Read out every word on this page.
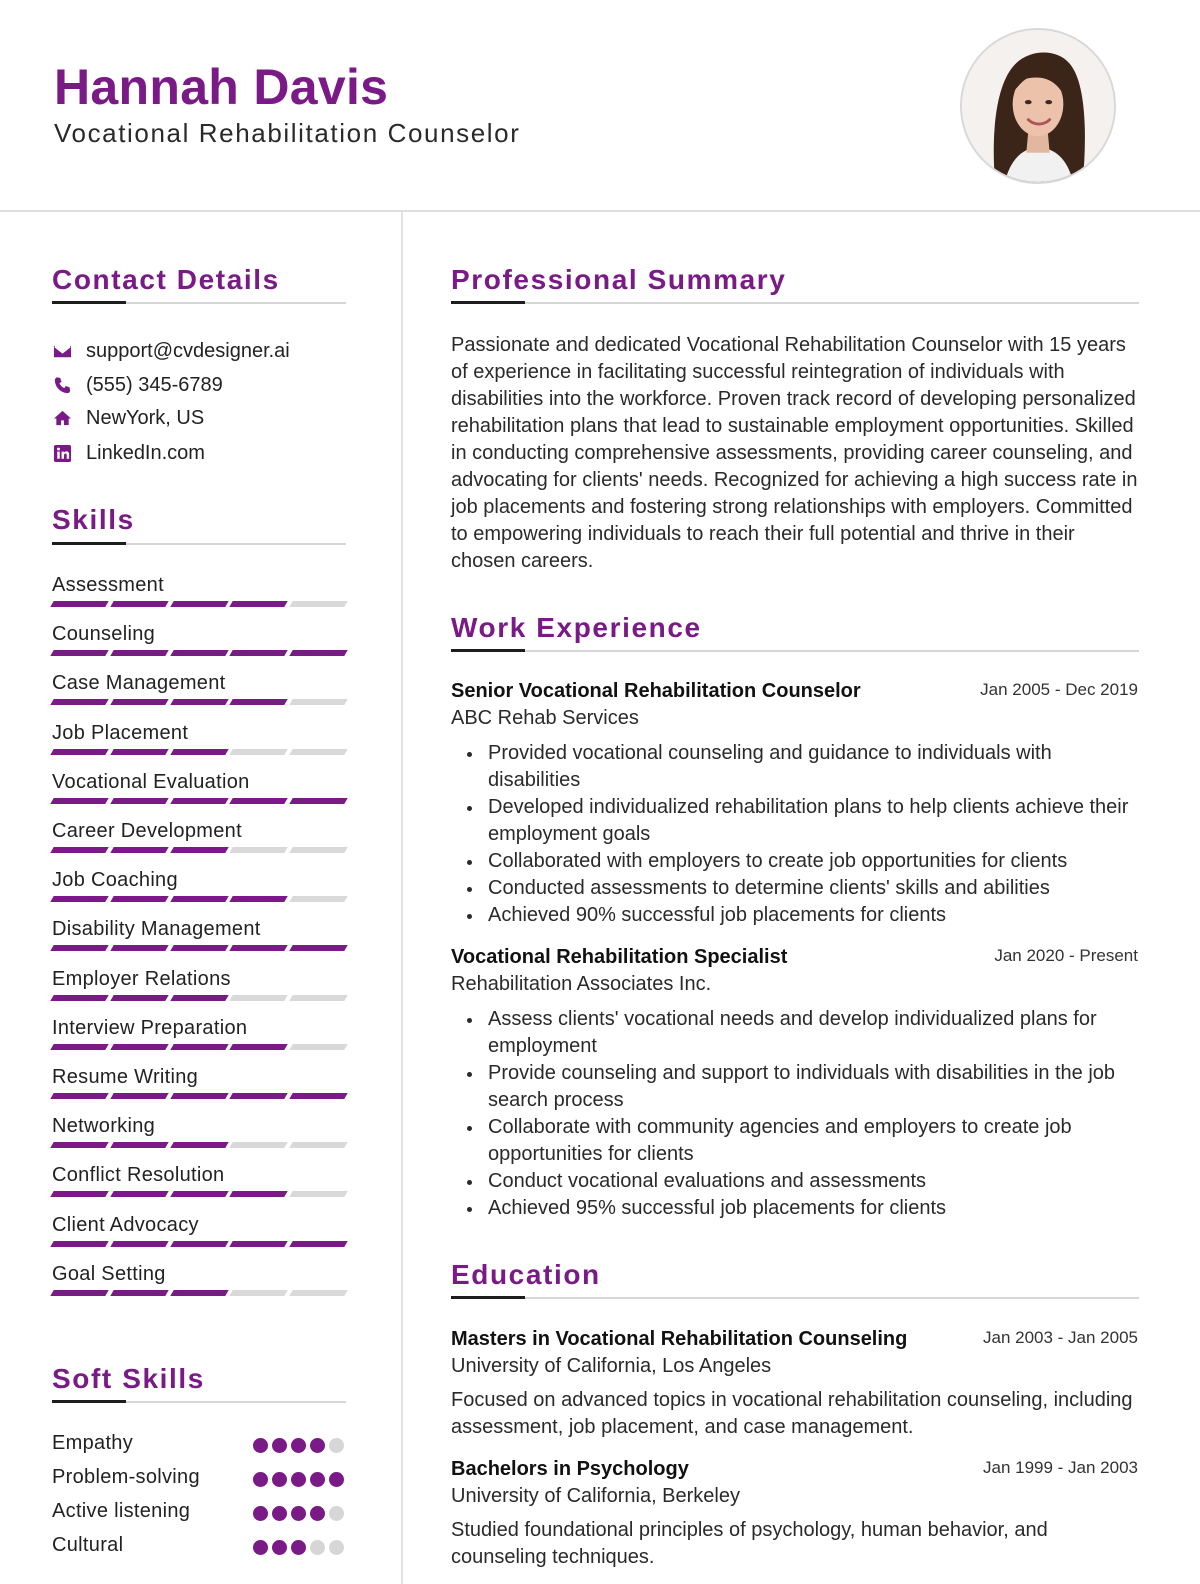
Hannah Davis
Vocational Rehabilitation Counselor
Contact Details
support@cvdesigner.ai
(555) 345-6789
NewYork, US
LinkedIn.com
Skills
Assessment
Counseling
Case Management
Job Placement
Vocational Evaluation
Career Development
Job Coaching
Disability Management
Employer Relations
Interview Preparation
Resume Writing
Networking
Conflict Resolution
Client Advocacy
Goal Setting
Soft Skills
Empathy
Problem-solving
Active listening
Cultural
Professional Summary
Passionate and dedicated Vocational Rehabilitation Counselor with 15 years of experience in facilitating successful reintegration of individuals with disabilities into the workforce. Proven track record of developing personalized rehabilitation plans that lead to sustainable employment opportunities. Skilled in conducting comprehensive assessments, providing career counseling, and advocating for clients' needs. Recognized for achieving a high success rate in job placements and fostering strong relationships with employers. Committed to empowering individuals to reach their full potential and thrive in their chosen careers.
Work Experience
Senior Vocational Rehabilitation Counselor	Jan 2005 - Dec 2019
ABC Rehab Services
Provided vocational counseling and guidance to individuals with disabilities
Developed individualized rehabilitation plans to help clients achieve their employment goals
Collaborated with employers to create job opportunities for clients
Conducted assessments to determine clients' skills and abilities
Achieved 90% successful job placements for clients
Vocational Rehabilitation Specialist	Jan 2020 - Present
Rehabilitation Associates Inc.
Assess clients' vocational needs and develop individualized plans for employment
Provide counseling and support to individuals with disabilities in the job search process
Collaborate with community agencies and employers to create job opportunities for clients
Conduct vocational evaluations and assessments
Achieved 95% successful job placements for clients
Education
Masters in Vocational Rehabilitation Counseling	Jan 2003 - Jan 2005
University of California, Los Angeles
Focused on advanced topics in vocational rehabilitation counseling, including assessment, job placement, and case management.
Bachelors in Psychology	Jan 1999 - Jan 2003
University of California, Berkeley
Studied foundational principles of psychology, human behavior, and counseling techniques.
